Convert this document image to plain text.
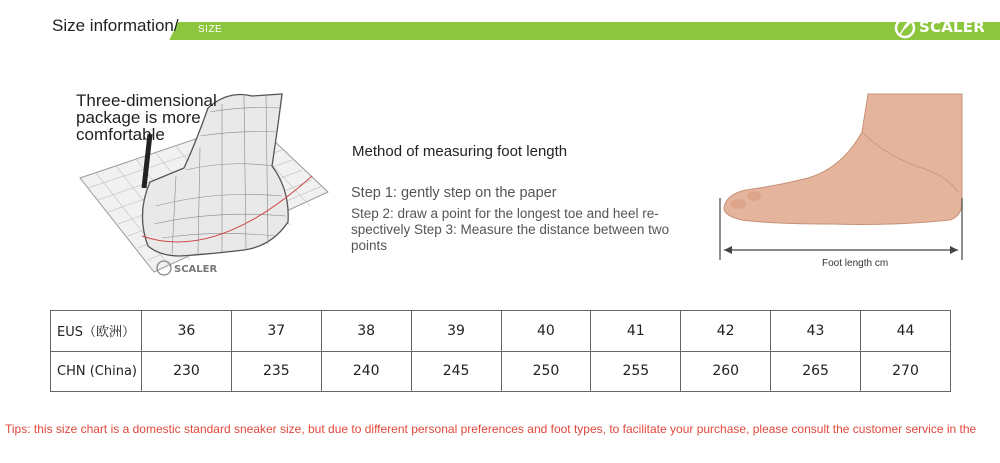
Size information/ SIZE	SCALER
SCALER
Three-dimensional package is more comfortable
Method of measuring foot length
Step 1: gently step on the paper
Step 2: draw a point for the longest toe and heel re-spectively Step 3: Measure the distance between two points
Foot length cm
EUS（欧洲）	36	37	38	39	40	41	42	43	44
CHN (China)	230	235	240	245	250	255	260	265	270
Tips: this size chart is a domestic standard sneaker size, but due to different personal preferences and foot types, to facilitate your purchase, please consult the customer service in the
